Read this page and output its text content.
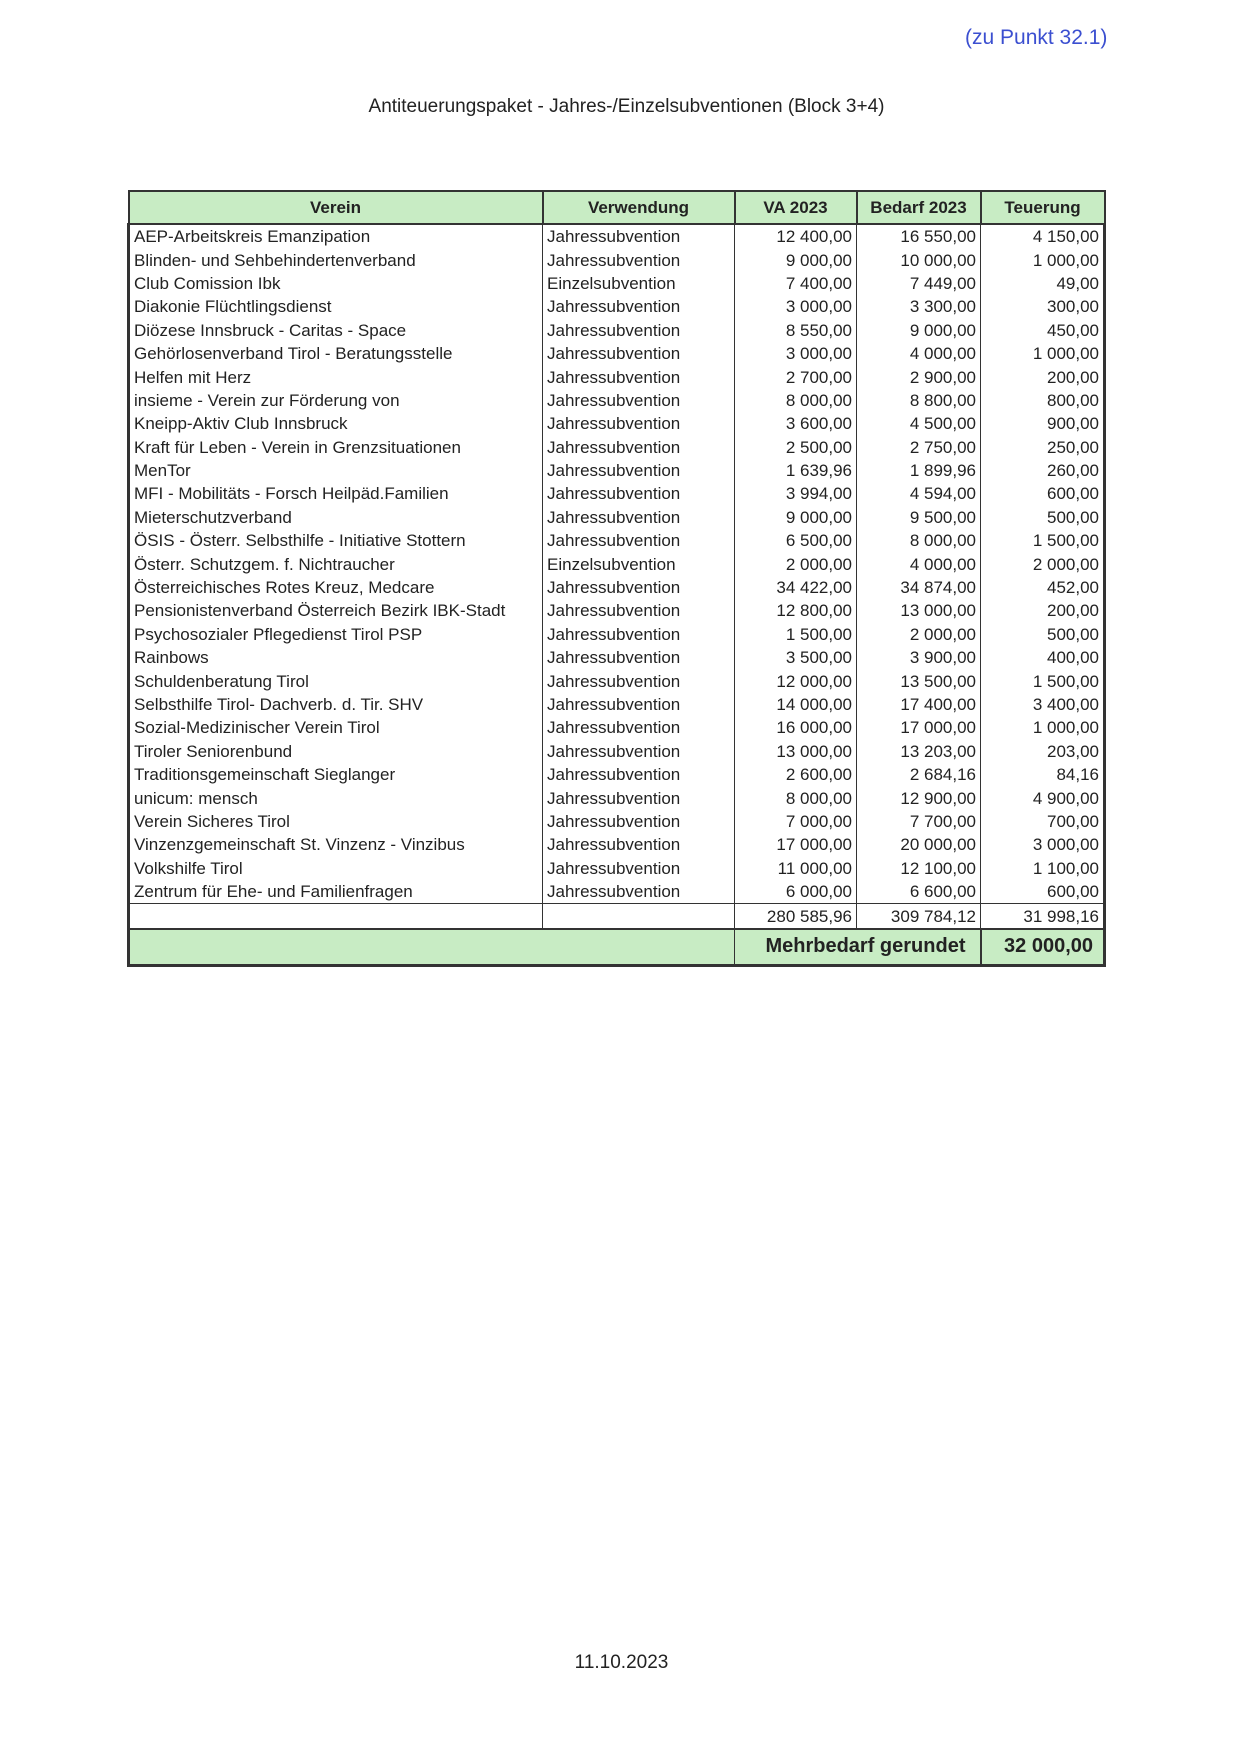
(zu Punkt 32.1)
Antiteuerungspaket - Jahres-/Einzelsubventionen (Block 3+4)
Verein	Verwendung	VA 2023	Bedarf 2023	Teuerung
AEP-Arbeitskreis Emanzipation	Jahressubvention	12 400,00	16 550,00	4 150,00
Blinden- und Sehbehindertenverband	Jahressubvention	9 000,00	10 000,00	1 000,00
Club Comission Ibk	Einzelsubvention	7 400,00	7 449,00	49,00
Diakonie Flüchtlingsdienst	Jahressubvention	3 000,00	3 300,00	300,00
Diözese Innsbruck - Caritas - Space	Jahressubvention	8 550,00	9 000,00	450,00
Gehörlosenverband Tirol - Beratungsstelle	Jahressubvention	3 000,00	4 000,00	1 000,00
Helfen mit Herz	Jahressubvention	2 700,00	2 900,00	200,00
insieme - Verein zur Förderung von	Jahressubvention	8 000,00	8 800,00	800,00
Kneipp-Aktiv Club Innsbruck	Jahressubvention	3 600,00	4 500,00	900,00
Kraft für Leben - Verein in Grenzsituationen	Jahressubvention	2 500,00	2 750,00	250,00
MenTor	Jahressubvention	1 639,96	1 899,96	260,00
MFI - Mobilitäts - Forsch Heilpäd.Familien	Jahressubvention	3 994,00	4 594,00	600,00
Mieterschutzverband	Jahressubvention	9 000,00	9 500,00	500,00
ÖSIS - Österr. Selbsthilfe - Initiative Stottern	Jahressubvention	6 500,00	8 000,00	1 500,00
Österr. Schutzgem. f. Nichtraucher	Einzelsubvention	2 000,00	4 000,00	2 000,00
Österreichisches Rotes Kreuz, Medcare	Jahressubvention	34 422,00	34 874,00	452,00
Pensionistenverband Österreich Bezirk IBK-Stadt	Jahressubvention	12 800,00	13 000,00	200,00
Psychosozialer Pflegedienst Tirol PSP	Jahressubvention	1 500,00	2 000,00	500,00
Rainbows	Jahressubvention	3 500,00	3 900,00	400,00
Schuldenberatung Tirol	Jahressubvention	12 000,00	13 500,00	1 500,00
Selbsthilfe Tirol- Dachverb. d. Tir. SHV	Jahressubvention	14 000,00	17 400,00	3 400,00
Sozial-Medizinischer Verein Tirol	Jahressubvention	16 000,00	17 000,00	1 000,00
Tiroler Seniorenbund	Jahressubvention	13 000,00	13 203,00	203,00
Traditionsgemeinschaft Sieglanger	Jahressubvention	2 600,00	2 684,16	84,16
unicum: mensch	Jahressubvention	8 000,00	12 900,00	4 900,00
Verein Sicheres Tirol	Jahressubvention	7 000,00	7 700,00	700,00
Vinzenzgemeinschaft St. Vinzenz - Vinzibus	Jahressubvention	17 000,00	20 000,00	3 000,00
Volkshilfe Tirol	Jahressubvention	11 000,00	12 100,00	1 100,00
Zentrum für Ehe- und Familienfragen	Jahressubvention	6 000,00	6 600,00	600,00
		280 585,96	309 784,12	31 998,16
		Mehrbedarf gerundet		32 000,00
11.10.2023
